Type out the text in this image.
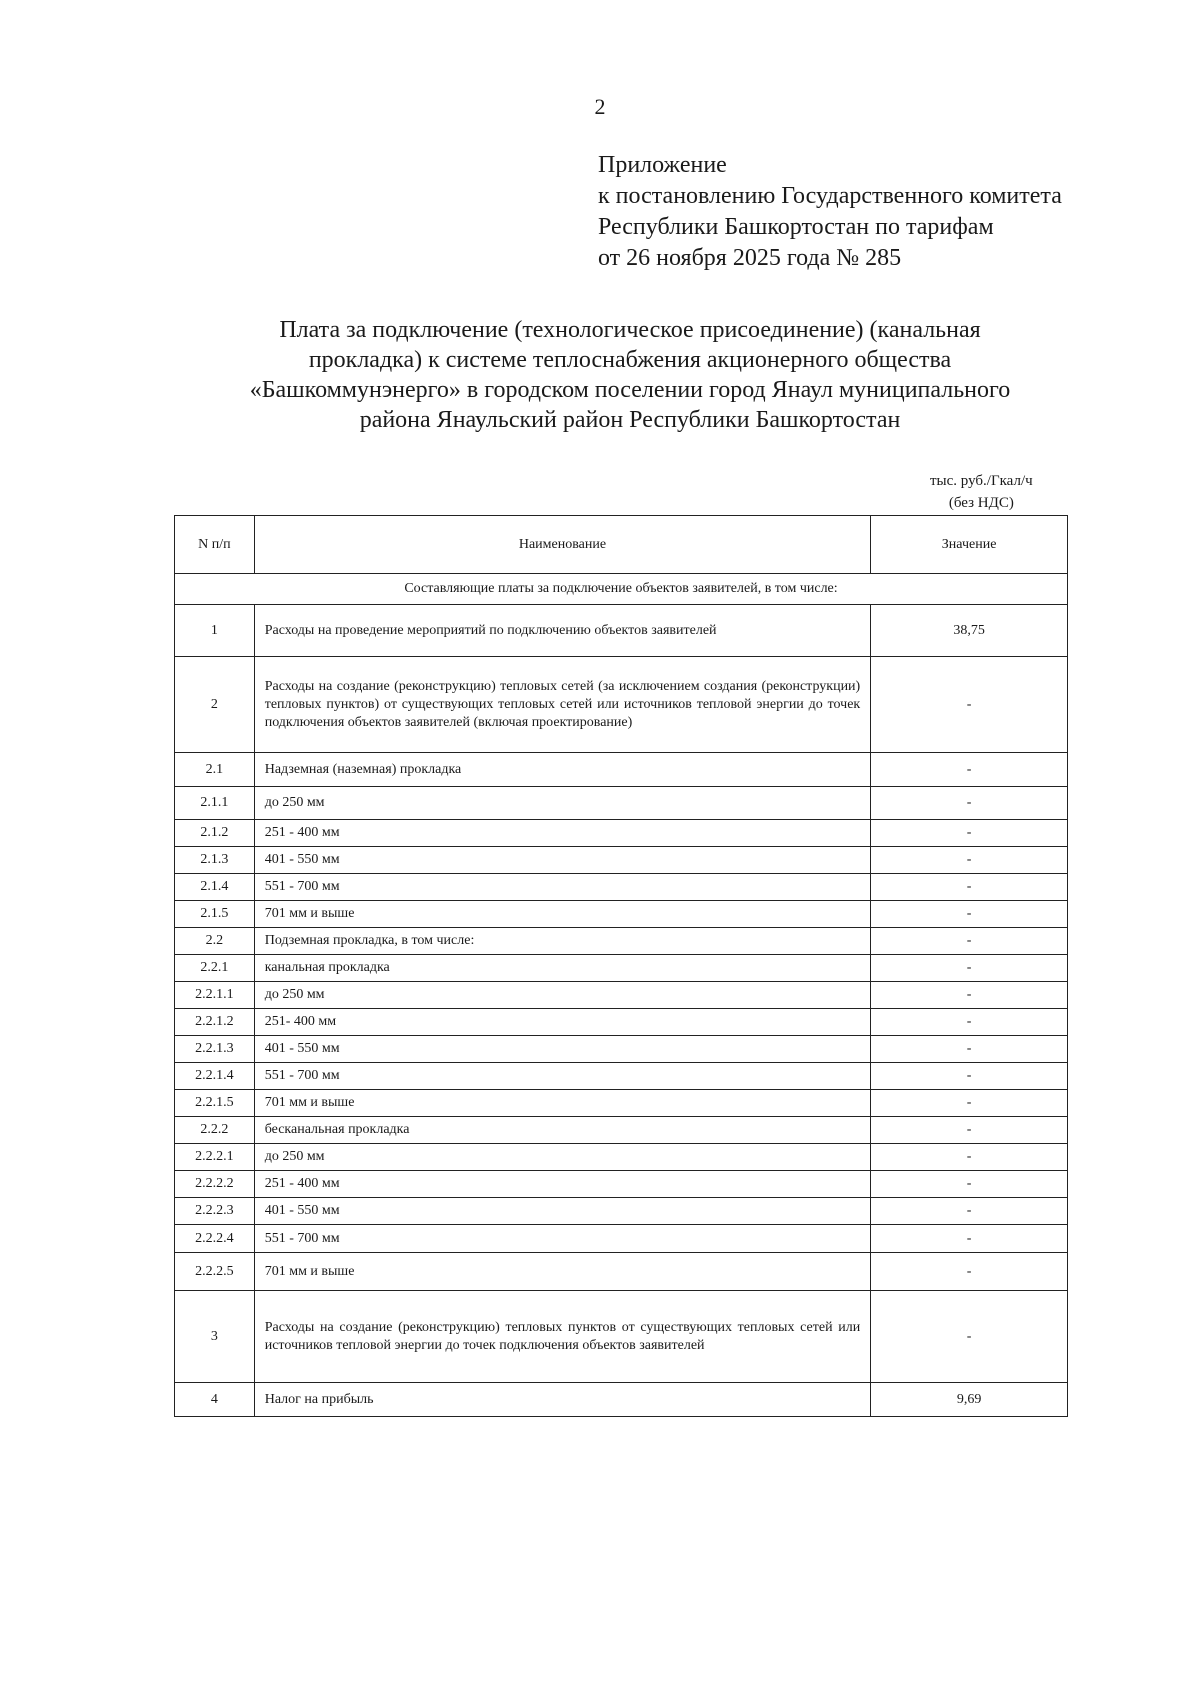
2
Приложение
к постановлению Государственного комитета
Республики Башкортостан по тарифам
от 26 ноября 2025 года № 285
Плата за подключение (технологическое присоединение) (канальная
прокладка) к системе теплоснабжения акционерного общества
«Башкоммунэнерго» в городском поселении город Янаул муниципального
района Янаульский район Республики Башкортостан
тыс. руб./Гкал/ч
(без НДС)
N п/п	Наименование	Значение
Составляющие платы за подключение объектов заявителей, в том числе:		
1	Расходы на проведение мероприятий по подключению объектов заявителей	38,75
2	Расходы на создание (реконструкцию) тепловых сетей (за исключением создания (реконструкции) тепловых пунктов) от существующих тепловых сетей или источников тепловой энергии до точек подключения объектов заявителей (включая проектирование)	-
2.1	Надземная (наземная) прокладка	-
2.1.1	до 250 мм	-
2.1.2	251 - 400 мм	-
2.1.3	401 - 550 мм	-
2.1.4	551 - 700 мм	-
2.1.5	701 мм и выше	-
2.2	Подземная прокладка, в том числе:	-
2.2.1	канальная прокладка	-
2.2.1.1	до 250 мм	-
2.2.1.2	251- 400 мм	-
2.2.1.3	401 - 550 мм	-
2.2.1.4	551 - 700 мм	-
2.2.1.5	701 мм и выше	-
2.2.2	бесканальная прокладка	-
2.2.2.1	до 250 мм	-
2.2.2.2	251 - 400 мм	-
2.2.2.3	401 - 550 мм	-
2.2.2.4	551 - 700 мм	-
2.2.2.5	701 мм и выше	-
3	Расходы на создание (реконструкцию) тепловых пунктов от существующих тепловых сетей или источников тепловой энергии до точек подключения объектов заявителей	-
4	Налог на прибыль	9,69
